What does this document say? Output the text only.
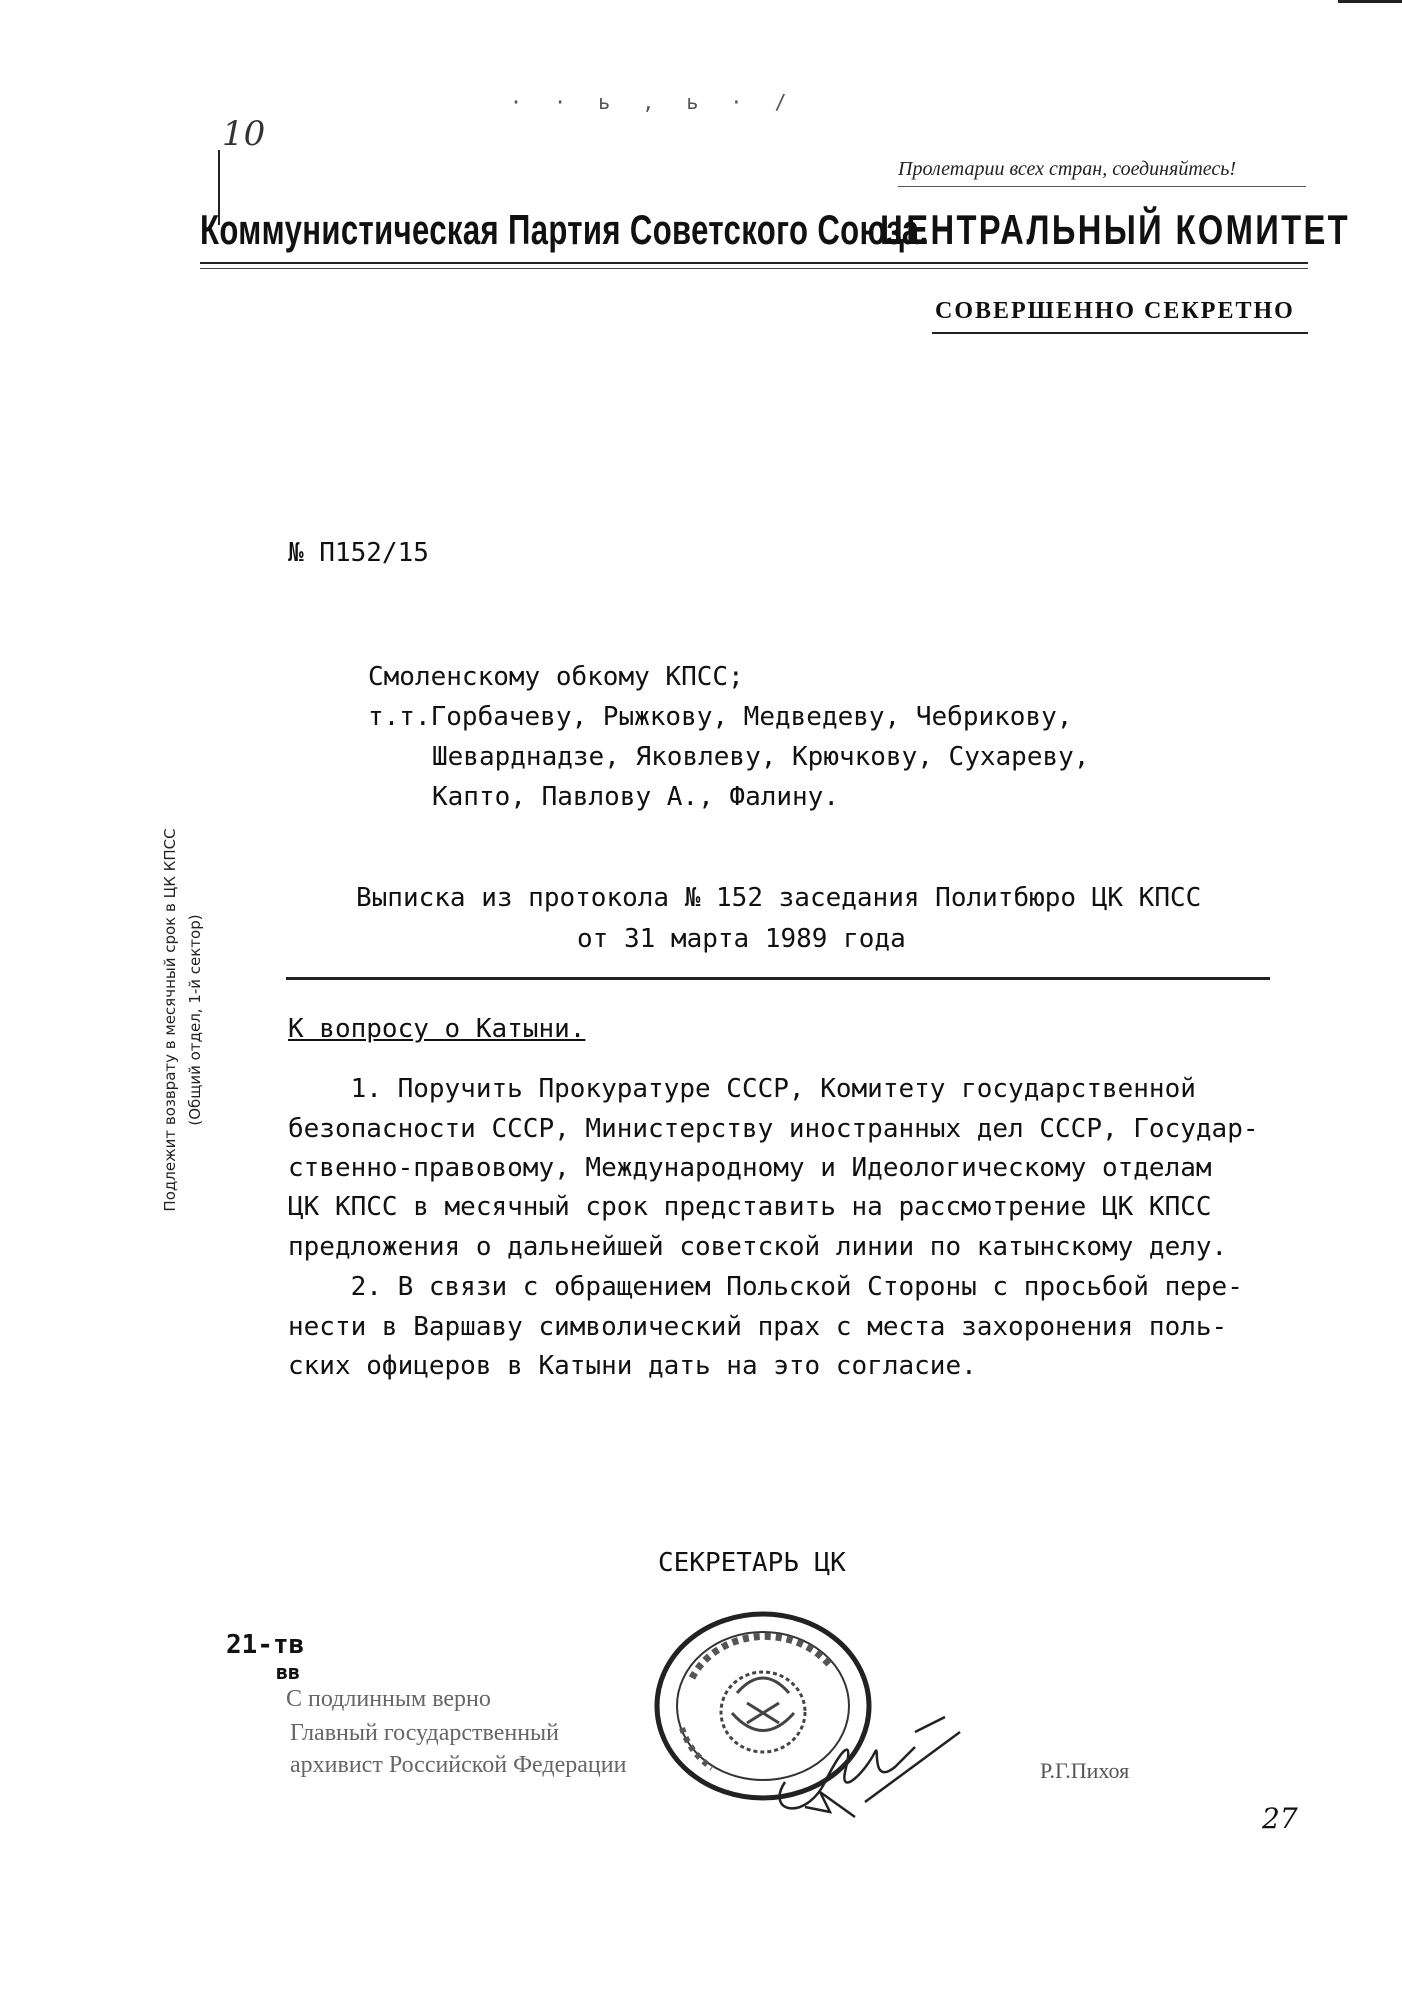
10
· · ь , ь · /
Пролетарии всех стран, соединяйтесь!
Коммунистическая Партия Советского Союза.
ЦЕНТРАЛЬНЫЙ КОМИТЕТ
СОВЕРШЕННО СЕКРЕТНО
№ П152/15
Смоленскому обкому КПСС;
т.т.Горбачеву, Рыжкову, Медведеву, Чебрикову,
Шеварднадзе, Яковлеву, Крючкову, Сухареву,
Капто, Павлову А., Фалину.
Выписка из протокола № 152 заседания Политбюро ЦК КПСС
от 31 марта 1989 года
К вопросу о Катыни.
1. Поручить Прокуратуре СССР, Комитету государственной
безопасности СССР, Министерству иностранных дел СССР, Государ-
ственно-правовому, Международному и Идеологическому отделам
ЦК КПСС в месячный срок представить на рассмотрение ЦК КПСС
предложения о дальнейшей советской линии по катынскому делу.
2. В связи с обращением Польской Стороны с просьбой пере-
нести в Варшаву символический прах с места захоронения поль-
ских офицеров в Катыни дать на это согласие.
Подлежит возврату в месячный срок в ЦК КПСС (Общий отдел, 1-й сектор)
СЕКРЕТАРЬ ЦК
21-тв
вв
С подлинным верно
Главный государственный
архивист Российской Федерации	Р.Г.Пихоя
27
